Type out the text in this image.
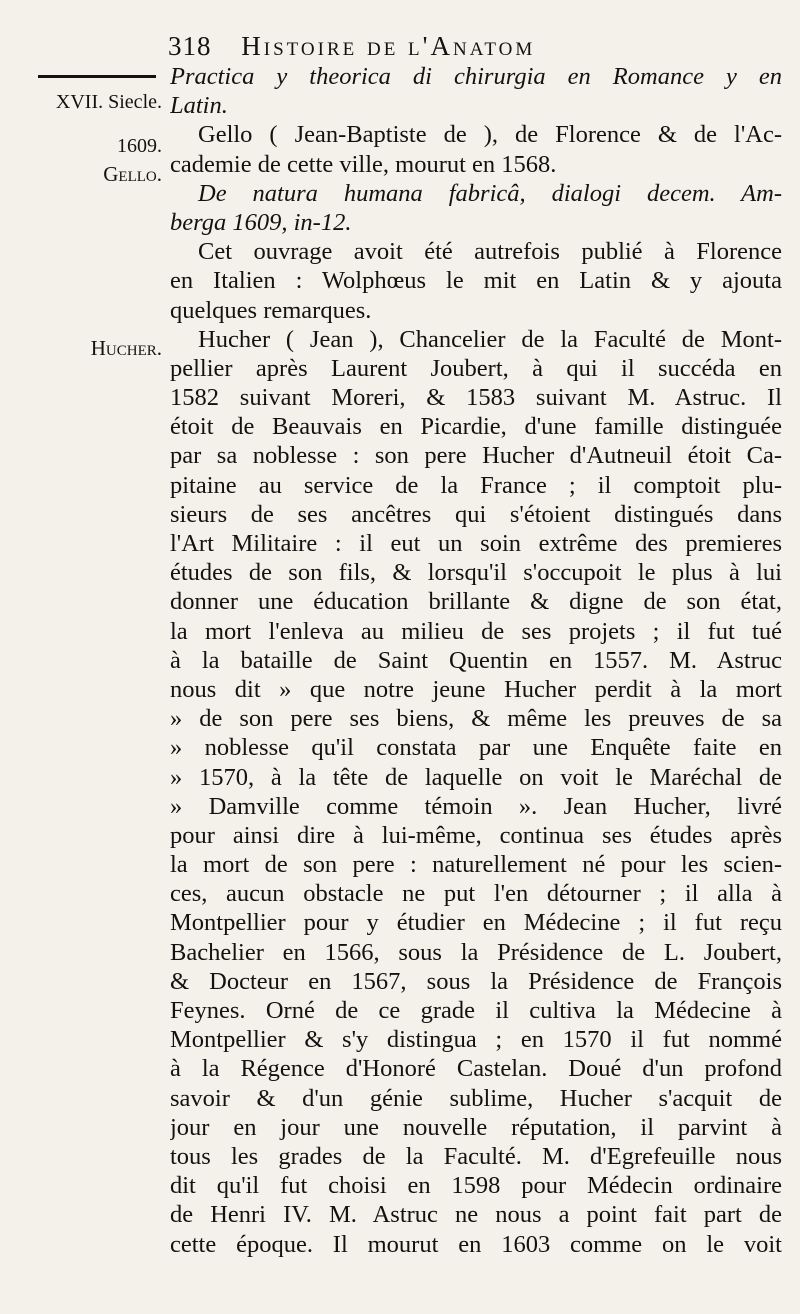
318 Histoire de l'Anatom
XVII. Siecle.
1609.
Gello.
Hucher.
Practica y theorica di chirurgia en Romance y en
Latin.
Gello ( Jean-Baptiste de ), de Florence & de l'Ac-
cademie de cette ville, mourut en 1568.
De natura humana fabricâ, dialogi decem. Am-
berga 1609, in-12.
Cet ouvrage avoit été autrefois publié à Florence
en Italien : Wolphœus le mit en Latin & y ajouta
quelques remarques.
Hucher ( Jean ), Chancelier de la Faculté de Mont-
pellier après Laurent Joubert, à qui il succéda en
1582 suivant Moreri, & 1583 suivant M. Astruc. Il
étoit de Beauvais en Picardie, d'une famille distinguée
par sa noblesse : son pere Hucher d'Autneuil étoit Ca-
pitaine au service de la France ; il comptoit plu-
sieurs de ses ancêtres qui s'étoient distingués dans
l'Art Militaire : il eut un soin extrême des premieres
études de son fils, & lorsqu'il s'occupoit le plus à lui
donner une éducation brillante & digne de son état,
la mort l'enleva au milieu de ses projets ; il fut tué
à la bataille de Saint Quentin en 1557. M. Astruc
nous dit » que notre jeune Hucher perdit à la mort
» de son pere ses biens, & même les preuves de sa
» noblesse qu'il constata par une Enquête faite en
» 1570, à la tête de laquelle on voit le Maréchal de
» Damville comme témoin ». Jean Hucher, livré
pour ainsi dire à lui-même, continua ses études après
la mort de son pere : naturellement né pour les scien-
ces, aucun obstacle ne put l'en détourner ; il alla à
Montpellier pour y étudier en Médecine ; il fut reçu
Bachelier en 1566, sous la Présidence de L. Joubert,
& Docteur en 1567, sous la Présidence de François
Feynes. Orné de ce grade il cultiva la Médecine à
Montpellier & s'y distingua ; en 1570 il fut nommé
à la Régence d'Honoré Castelan. Doué d'un profond
savoir & d'un génie sublime, Hucher s'acquit de
jour en jour une nouvelle réputation, il parvint à
tous les grades de la Faculté. M. d'Egrefeuille nous
dit qu'il fut choisi en 1598 pour Médecin ordinaire
de Henri IV. M. Astruc ne nous a point fait part de
cette époque. Il mourut en 1603 comme on le voit
